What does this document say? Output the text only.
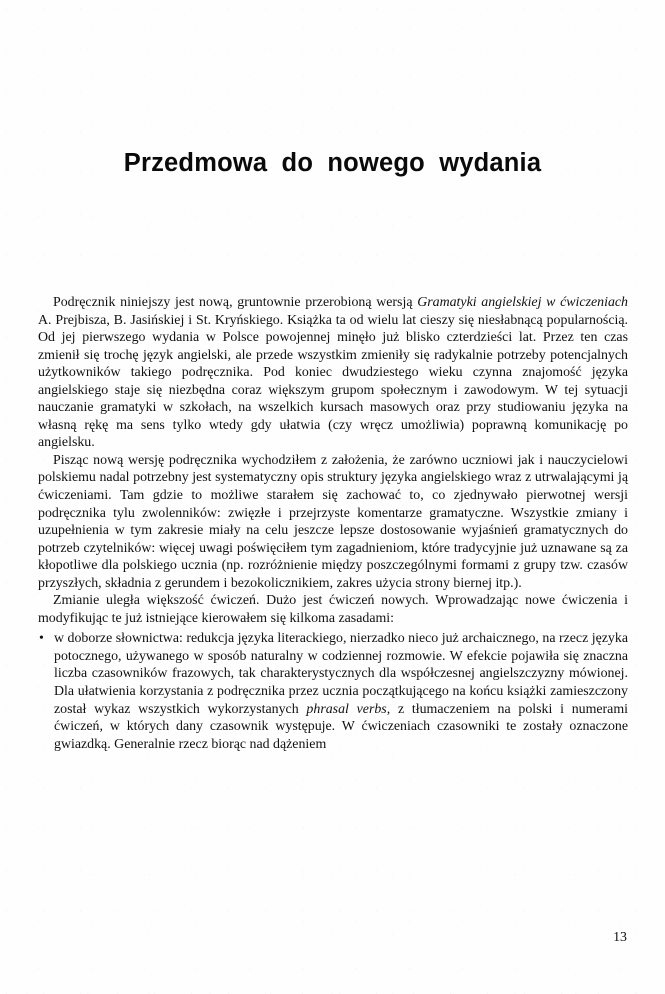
Przedmowa do nowego wydania

Podręcznik niniejszy jest nową, gruntownie przerobioną wersją Gramatyki angielskiej w ćwiczeniach A. Prejbisza, B. Jasińskiej i St. Kryńskiego. Książka ta od wielu lat cieszy się niesłabnącą popularnością. Od jej pierwszego wydania w Polsce powojennej minęło już blisko czterdzieści lat. Przez ten czas zmienił się trochę język angielski, ale przede wszystkim zmieniły się radykalnie potrzeby potencjalnych użytkowników takiego podręcznika. Pod koniec dwudziestego wieku czynna znajomość języka angielskiego staje się niezbędna coraz większym grupom społecznym i zawodowym. W tej sytuacji nauczanie gramatyki w szkołach, na wszelkich kursach masowych oraz przy studiowaniu języka na własną rękę ma sens tylko wtedy gdy ułatwia (czy wręcz umożliwia) poprawną komunikację po angielsku.

Pisząc nową wersję podręcznika wychodziłem z założenia, że zarówno uczniowi jak i nauczycielowi polskiemu nadal potrzebny jest systematyczny opis struktury języka angielskiego wraz z utrwalającymi ją ćwiczeniami. Tam gdzie to możliwe starałem się zachować to, co zjednywało pierwotnej wersji podręcznika tylu zwolenników: zwięzłe i przejrzyste komentarze gramatyczne. Wszystkie zmiany i uzupełnienia w tym zakresie miały na celu jeszcze lepsze dostosowanie wyjaśnień gramatycznych do potrzeb czytelników: więcej uwagi poświęciłem tym zagadnieniom, które tradycyjnie już uznawane są za kłopotliwe dla polskiego ucznia (np. rozróżnienie między poszczególnymi formami z grupy tzw. czasów przyszłych, składnia z gerundem i bezokolicznikiem, zakres użycia strony biernej itp.).

Zmianie uległa większość ćwiczeń. Dużo jest ćwiczeń nowych. Wprowadzając nowe ćwiczenia i modyfikując te już istniejące kierowałem się kilkoma zasadami:

• w doborze słownictwa: redukcja języka literackiego, nierzadko nieco już archaicznego, na rzecz języka potocznego, używanego w sposób naturalny w codziennej rozmowie. W efekcie pojawiła się znaczna liczba czasowników frazowych, tak charakterystycznych dla współczesnej angielszczyzny mówionej. Dla ułatwienia korzystania z podręcznika przez ucznia początkującego na końcu książki zamieszczony został wykaz wszystkich wykorzystanych phrasal verbs, z tłumaczeniem na polski i numerami ćwiczeń, w których dany czasownik występuje. W ćwiczeniach czasowniki te zostały oznaczone gwiazdką. Generalnie rzecz biorąc nad dążeniem
13
